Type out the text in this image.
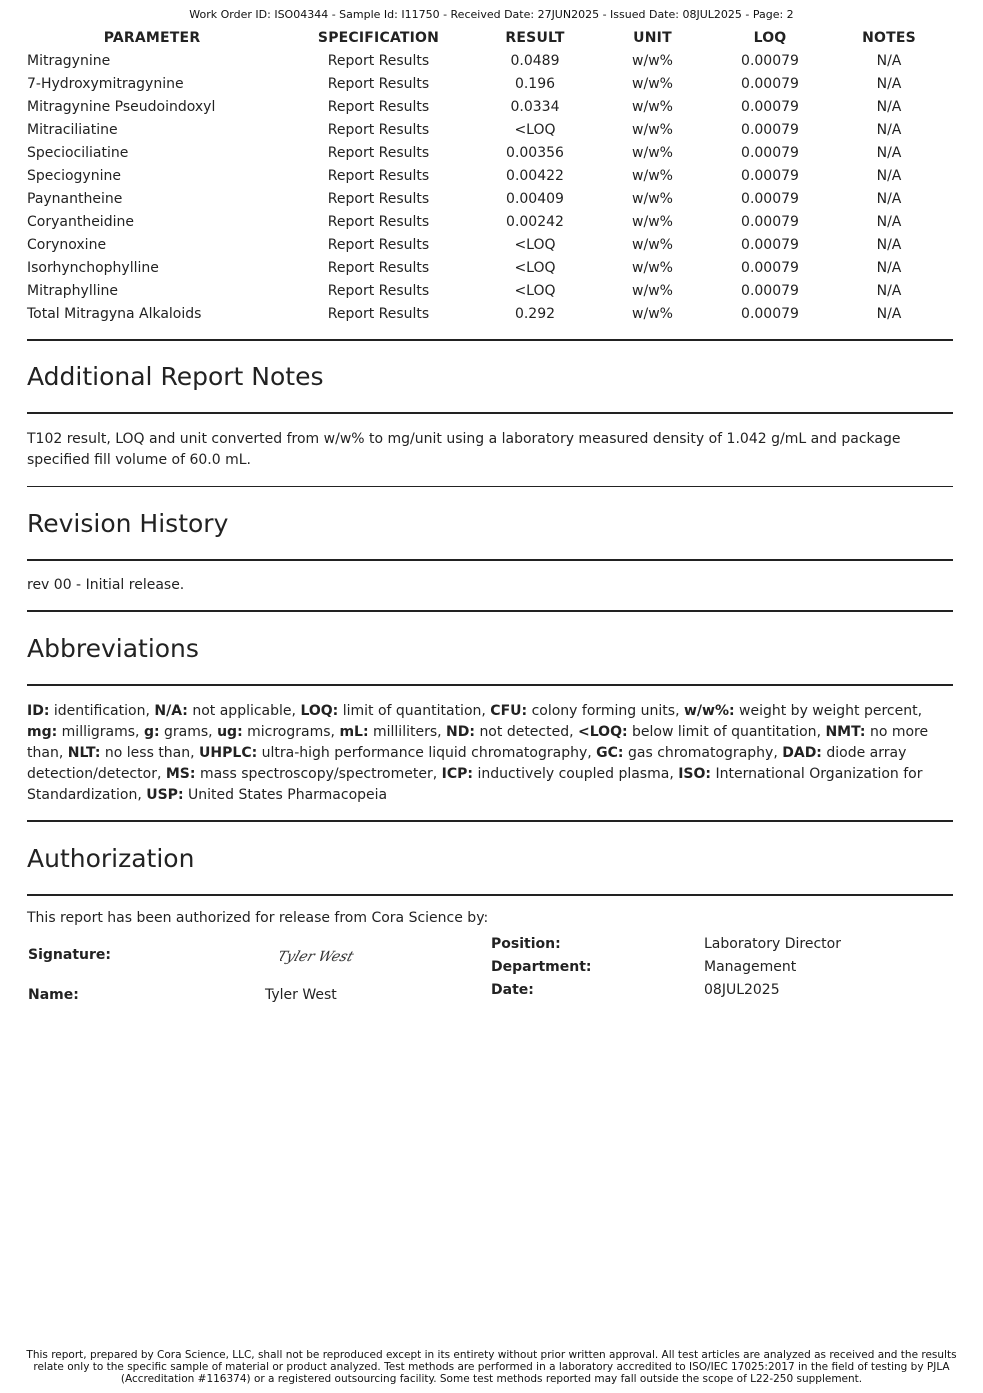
Work Order ID: ISO04344 - Sample Id: I11750 - Received Date: 27JUN2025 - Issued Date: 08JUL2025 - Page: 2
PARAMETER	SPECIFICATION	RESULT	UNIT	LOQ	NOTES
Mitragynine	Report Results	0.0489	w/w%	0.00079	N/A
7-Hydroxymitragynine	Report Results	0.196	w/w%	0.00079	N/A
Mitragynine Pseudoindoxyl	Report Results	0.0334	w/w%	0.00079	N/A
Mitraciliatine	Report Results	<LOQ	w/w%	0.00079	N/A
Speciociliatine	Report Results	0.00356	w/w%	0.00079	N/A
Speciogynine	Report Results	0.00422	w/w%	0.00079	N/A
Paynantheine	Report Results	0.00409	w/w%	0.00079	N/A
Coryantheidine	Report Results	0.00242	w/w%	0.00079	N/A
Corynoxine	Report Results	<LOQ	w/w%	0.00079	N/A
Isorhynchophylline	Report Results	<LOQ	w/w%	0.00079	N/A
Mitraphylline	Report Results	<LOQ	w/w%	0.00079	N/A
Total Mitragyna Alkaloids	Report Results	0.292	w/w%	0.00079	N/A
Additional Report Notes
T102 result, LOQ and unit converted from w/w% to mg/unit using a laboratory measured density of 1.042 g/mL and package specified fill volume of 60.0 mL.
Revision History
rev 00 - Initial release.
Abbreviations
ID: identification, N/A: not applicable, LOQ: limit of quantitation, CFU: colony forming units, w/w%: weight by weight percent, mg: milligrams, g: grams, ug: micrograms, mL: milliliters, ND: not detected, <LOQ: below limit of quantitation, NMT: no more than, NLT: no less than, UHPLC: ultra-high performance liquid chromatography, GC: gas chromatography, DAD: diode array detection/detector, MS: mass spectroscopy/spectrometer, ICP: inductively coupled plasma, ISO: International Organization for Standardization, USP: United States Pharmacopeia
Authorization
This report has been authorized for release from Cora Science by:
Signature:	Tyler West
Name:	Tyler West
Position:	Laboratory Director
Department:	Management
Date:	08JUL2025
This report, prepared by Cora Science, LLC, shall not be reproduced except in its entirety without prior written approval. All test articles are analyzed as received and the results relate only to the specific sample of material or product analyzed. Test methods are performed in a laboratory accredited to ISO/IEC 17025:2017 in the field of testing by PJLA (Accreditation #116374) or a registered outsourcing facility. Some test methods reported may fall outside the scope of L22-250 supplement.
